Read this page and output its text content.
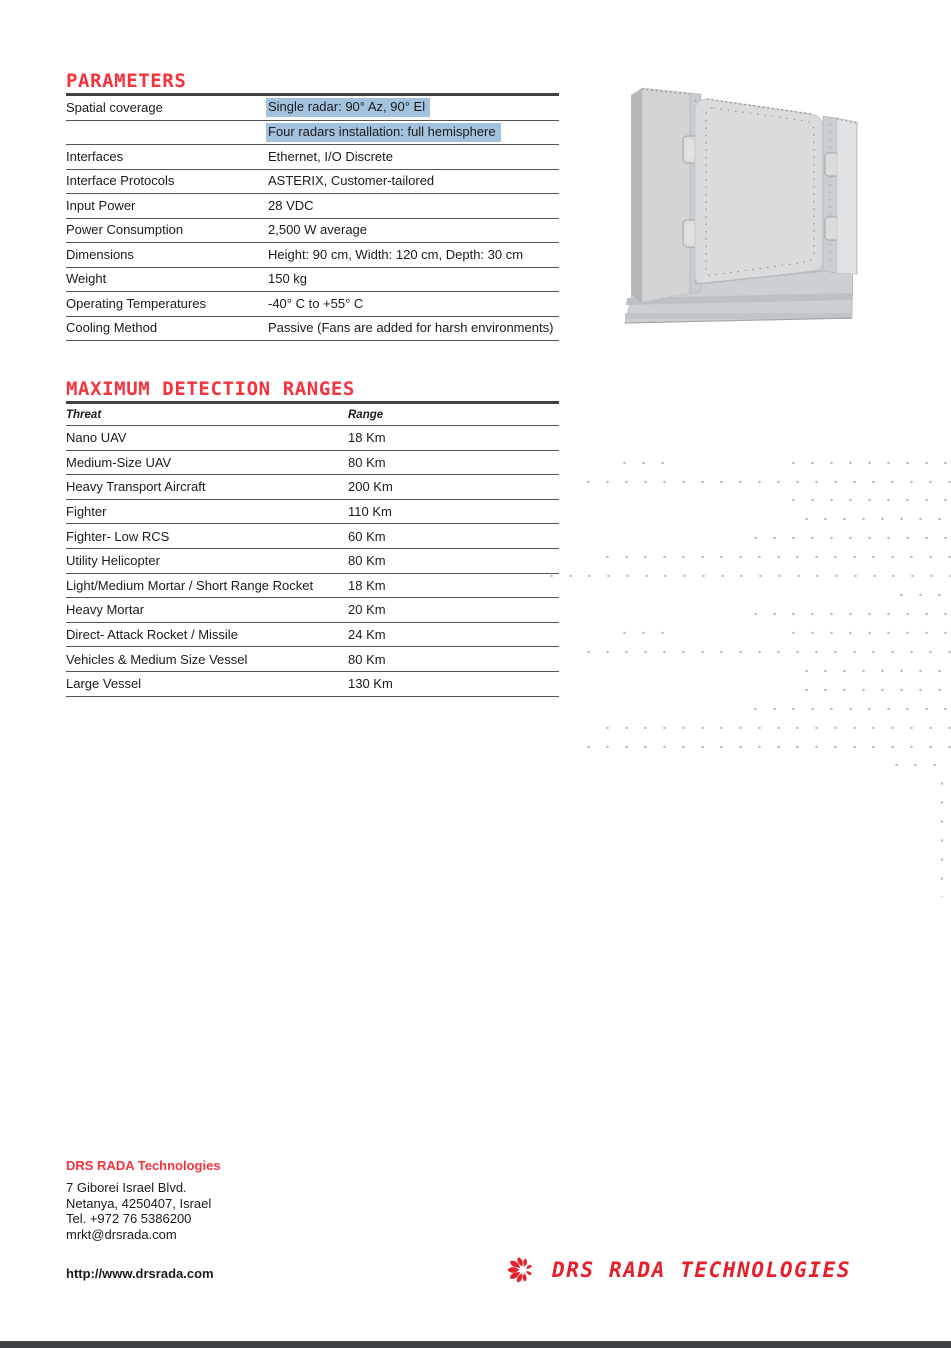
PARAMETERS
Spatial coverage	Single radar: 90° Az, 90° El
Four radars installation: full hemisphere
Interfaces	Ethernet, I/O Discrete
Interface Protocols	ASTERIX, Customer-tailored
Input Power	28 VDC
Power Consumption	2,500 W average
Dimensions	Height: 90 cm, Width: 120 cm, Depth: 30 cm
Weight	150 kg
Operating Temperatures	-40° C to +55° C
Cooling Method	Passive (Fans are added for harsh environments)
MAXIMUM DETECTION RANGES
Threat	Range
Nano UAV	18 Km
Medium-Size UAV	80 Km
Heavy Transport Aircraft	200 Km
Fighter	110 Km
Fighter- Low RCS	60 Km
Utility Helicopter	80 Km
Light/Medium Mortar / Short Range Rocket	18 Km
Heavy Mortar	20 Km
Direct- Attack Rocket / Missile	24 Km
Vehicles & Medium Size Vessel	80 Km
Large Vessel	130 Km
DRS RADA Technologies

7 Giborei Israel Blvd.

Netanya, 4250407, Israel

Tel. +972 76 5386200

mrkt@drsrada.com

http://www.drsrada.com	DRS RADA TECHNOLOGIES
